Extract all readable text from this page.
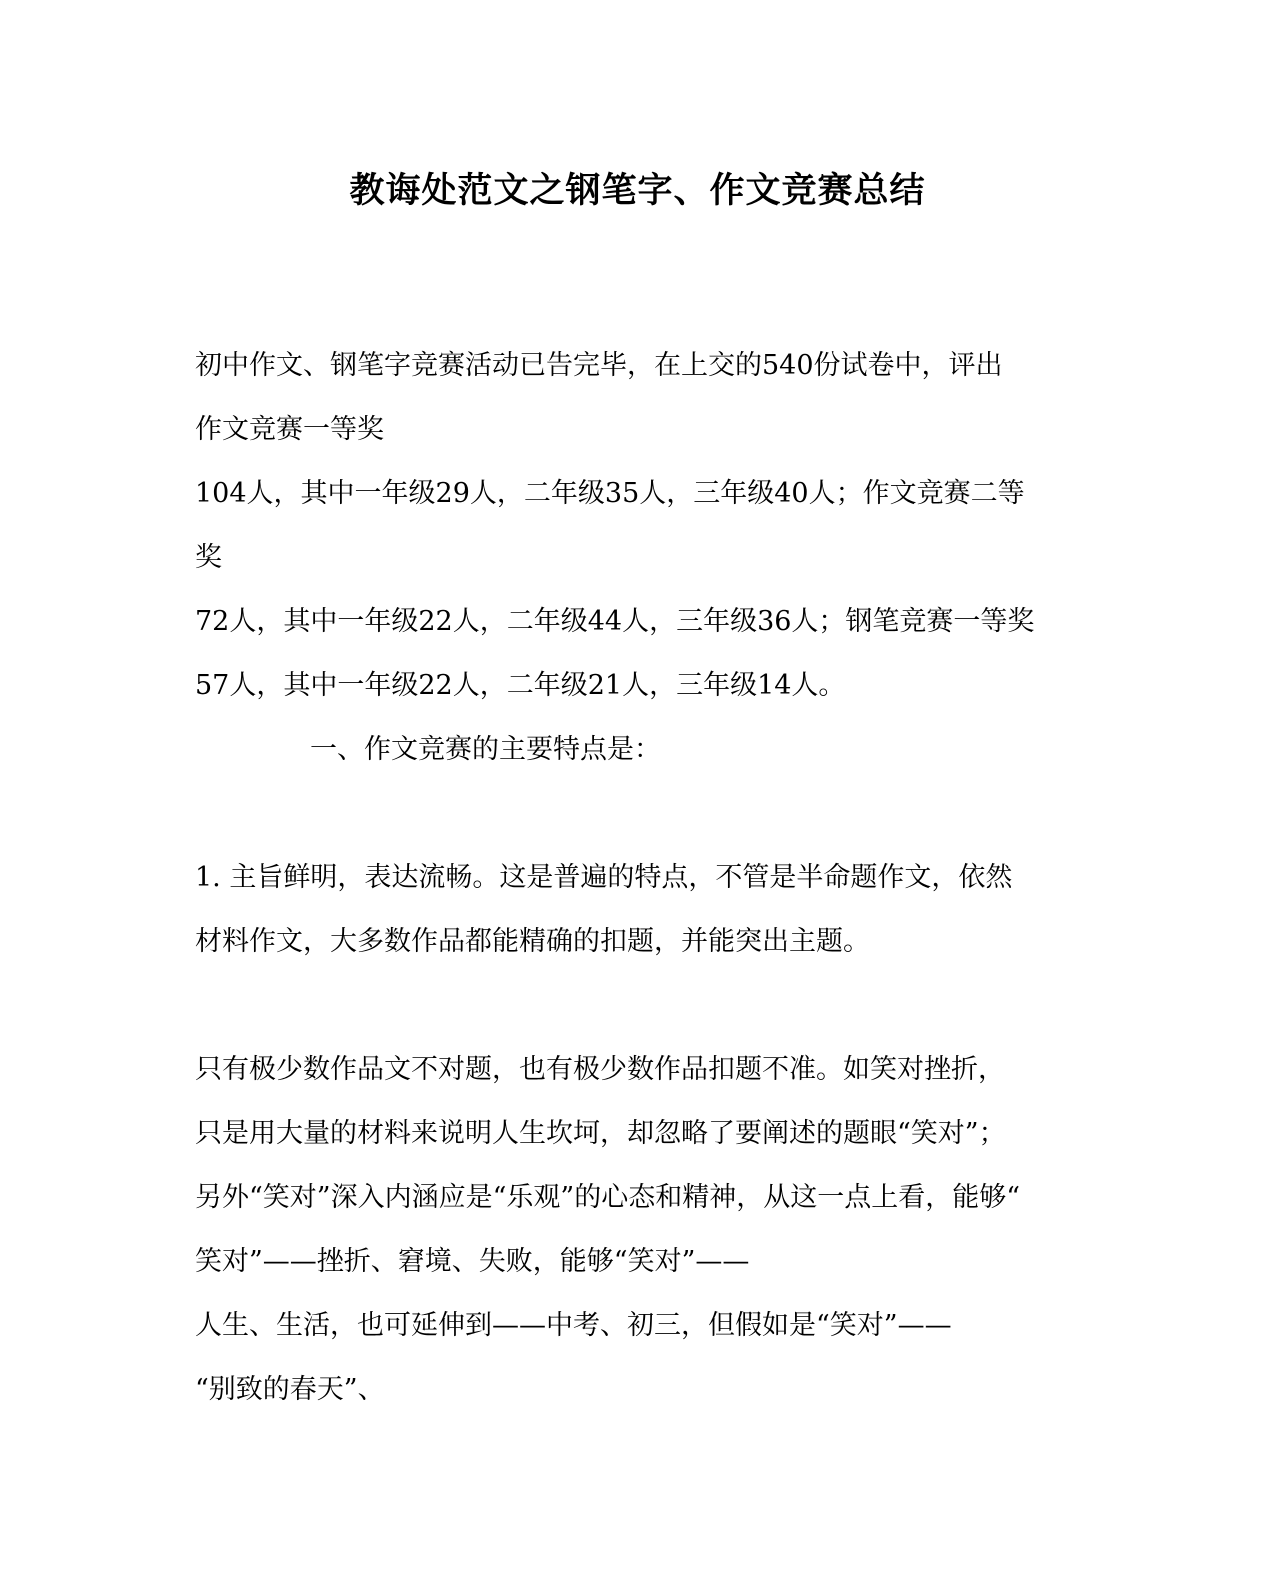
教诲处范文之钢笔字、作文竞赛总结

初中作文、钢笔字竞赛活动已告完毕，在上交的540份试卷中，评出

作文竞赛一等奖

104人，其中一年级29人，二年级35人，三年级40人；作文竞赛二等

奖

72人，其中一年级22人，二年级44人，三年级36人；钢笔竞赛一等奖

57人，其中一年级22人，二年级21人，三年级14人。

一、作文竞赛的主要特点是：

1. 主旨鲜明，表达流畅。这是普遍的特点，不管是半命题作文，依然

材料作文，大多数作品都能精确的扣题，并能突出主题。

只有极少数作品文不对题，也有极少数作品扣题不准。如笑对挫折，

只是用大量的材料来说明人生坎坷，却忽略了要阐述的题眼“笑对”；

另外“笑对”深入内涵应是“乐观”的心态和精神，从这一点上看，能够“

笑对”——挫折、窘境、失败，能够“笑对”——

人生、生活，也可延伸到——中考、初三，但假如是“笑对”——

“别致的春天”、
